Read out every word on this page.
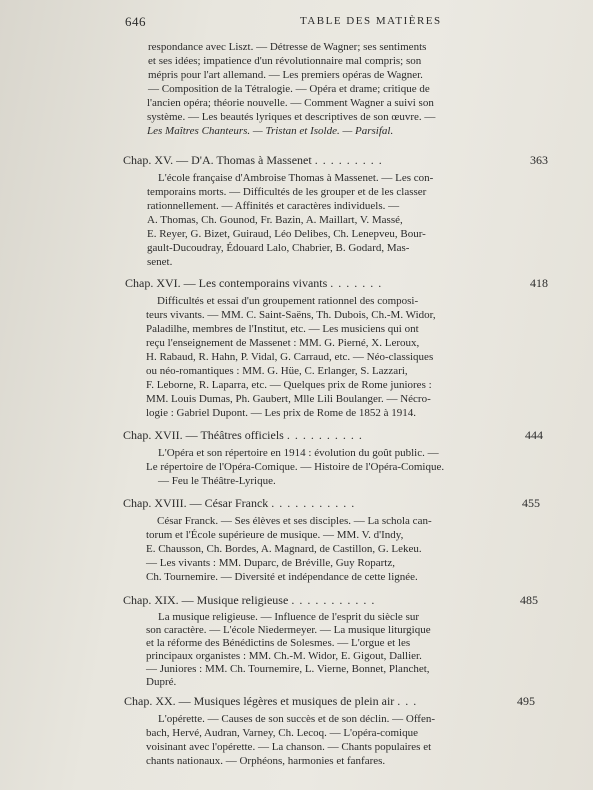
646	TABLE DES MATIÈRES
respondance avec Liszt. — Détresse de Wagner; ses sentiments
et ses idées; impatience d'un révolutionnaire mal compris; son
mépris pour l'art allemand. — Les premiers opéras de Wagner.
— Composition de la Tétralogie. — Opéra et drame; critique de
l'ancien opéra; théorie nouvelle. — Comment Wagner a suivi son
système. — Les beautés lyriques et descriptives de son œuvre. —
Les Maîtres Chanteurs. — Tristan et Isolde. — Parsifal.
Chap. XV. — D'A. Thomas à Massenet .........	363
L'école française d'Ambroise Thomas à Massenet. — Les con-
temporains morts. — Difficultés de les grouper et de les classer
rationnellement. — Affinités et caractères individuels. —
A. Thomas, Ch. Gounod, Fr. Bazin, A. Maillart, V. Massé,
E. Reyer, G. Bizet, Guiraud, Léo Delibes, Ch. Lenepveu, Bour-
gault-Ducoudray, Édouard Lalo, Chabrier, B. Godard, Mas-
senet.
Chap. XVI. — Les contemporains vivants .......	418
Difficultés et essai d'un groupement rationnel des composi-
teurs vivants. — MM. C. Saint-Saëns, Th. Dubois, Ch.-M. Widor,
Paladilhe, membres de l'Institut, etc. — Les musiciens qui ont
reçu l'enseignement de Massenet : MM. G. Pierné, X. Leroux,
H. Rabaud, R. Hahn, P. Vidal, G. Carraud, etc. — Néo-classiques
ou néo-romantiques : MM. G. Hüe, C. Erlanger, S. Lazzari,
F. Leborne, R. Laparra, etc. — Quelques prix de Rome juniores :
MM. Louis Dumas, Ph. Gaubert, Mlle Lili Boulanger. — Nécro-
logie : Gabriel Dupont. — Les prix de Rome de 1852 à 1914.
Chap. XVII. — Théâtres officiels ..........	444
L'Opéra et son répertoire en 1914 : évolution du goût public. —
Le répertoire de l'Opéra-Comique. — Histoire de l'Opéra-Comique.
— Feu le Théâtre-Lyrique.
Chap. XVIII. — César Franck ...........	455
César Franck. — Ses élèves et ses disciples. — La schola can-
torum et l'École supérieure de musique. — MM. V. d'Indy,
E. Chausson, Ch. Bordes, A. Magnard, de Castillon, G. Lekeu.
— Les vivants : MM. Duparc, de Bréville, Guy Ropartz,
Ch. Tournemire. — Diversité et indépendance de cette lignée.
Chap. XIX. — Musique religieuse ...........	485
La musique religieuse. — Influence de l'esprit du siècle sur
son caractère. — L'école Niedermeyer. — La musique liturgique
et la réforme des Bénédictins de Solesmes. — L'orgue et les
principaux organistes : MM. Ch.-M. Widor, E. Gigout, Dallier.
— Juniores : MM. Ch. Tournemire, L. Vierne, Bonnet, Planchet,
Dupré.
Chap. XX. — Musiques légères et musiques de plein air ...	495
L'opérette. — Causes de son succès et de son déclin. — Offen-
bach, Hervé, Audran, Varney, Ch. Lecoq. — L'opéra-comique
voisinant avec l'opérette. — La chanson. — Chants populaires et
chants nationaux. — Orphéons, harmonies et fanfares.
